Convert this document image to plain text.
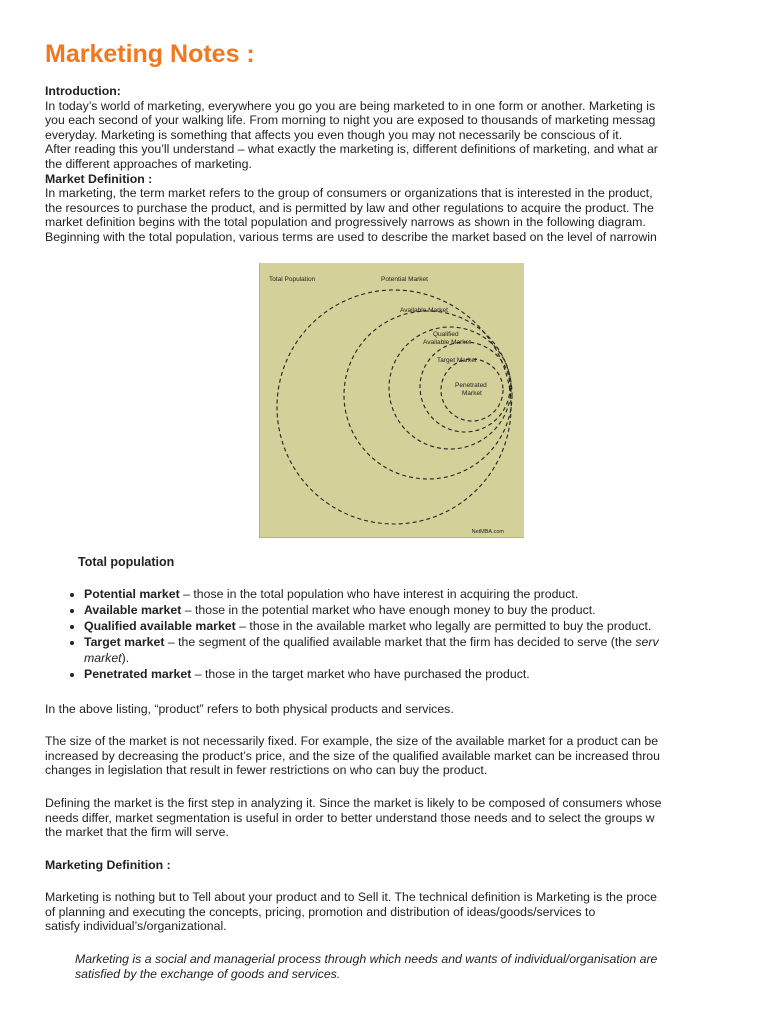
Marketing Notes :
Introduction:
In today’s world of marketing, everywhere you go you are being marketed to in one form or another. Marketing is
you each second of your walking life. From morning to night you are exposed to thousands of marketing messag
everyday. Marketing is something that affects you even though you may not necessarily be conscious of it.
After reading this you’ll understand – what exactly the marketing is, different definitions of marketing, and what ar
the different approaches of marketing.
Market Definition :
In marketing, the term market refers to the group of consumers or organizations that is interested in the product,
the resources to purchase the product, and is permitted by law and other regulations to acquire the product. The
market definition begins with the total population and progressively narrows as shown in the following diagram.
Beginning with the total population, various terms are used to describe the market based on the level of narrowin
Total Population	Potential Market
Available Market
Qualified
Available Market
Target Market
Penetrated
Market
NetMBA.com
Total population
• Potential market – those in the total population who have interest in acquiring the product.
• Available market – those in the potential market who have enough money to buy the product.
• Qualified available market – those in the available market who legally are permitted to buy the product.
• Target market – the segment of the qualified available market that the firm has decided to serve (the serv
market).
• Penetrated market – those in the target market who have purchased the product.
In the above listing, “product” refers to both physical products and services.
The size of the market is not necessarily fixed. For example, the size of the available market for a product can be
increased by decreasing the product’s price, and the size of the qualified available market can be increased throu
changes in legislation that result in fewer restrictions on who can buy the product.
Defining the market is the first step in analyzing it. Since the market is likely to be composed of consumers whose
needs differ, market segmentation is useful in order to better understand those needs and to select the groups w
the market that the firm will serve.
Marketing Definition :
Marketing is nothing but to Tell about your product and to Sell it. The technical definition is Marketing is the proce
of planning and executing the concepts, pricing, promotion and distribution of ideas/goods/services to
satisfy individual’s/organizational.
Marketing is a social and managerial process through which needs and wants of individual/organisation are
satisfied by the exchange of goods and services.
